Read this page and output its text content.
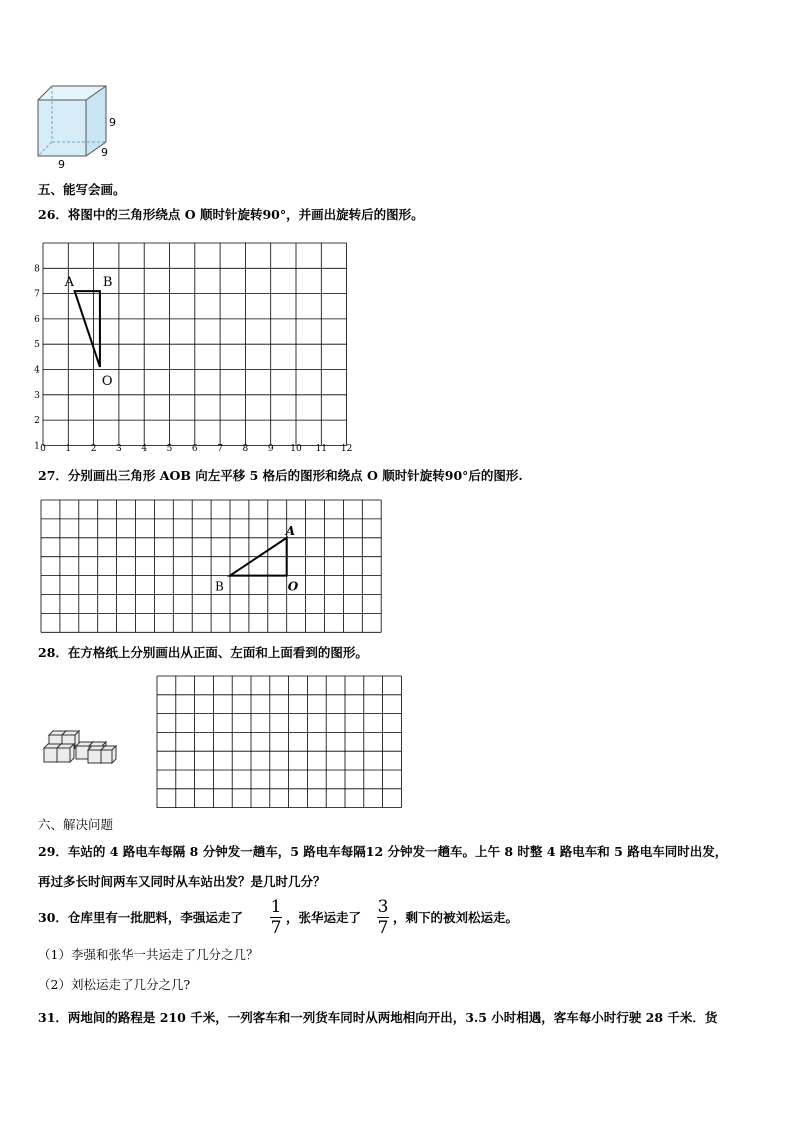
9
9
9
五、能写会画。
26．将图中的三角形绕点 O 顺时针旋转90°，并画出旋转后的图形。
0 1 2 3 4 5 6 7 8 9 10 11 12
1
2
3
4
5
6
7
8
A B
O
27．分别画出三角形 AOB 向左平移 5 格后的图形和绕点 O 顺时针旋转90°后的图形.
A
B	O
28．在方格纸上分别画出从正面、左面和上面看到的图形。
六、解决问题
29．车站的 4 路电车每隔 8 分钟发一趟车，5 路电车每隔12 分钟发一趟车。上午 8 时整 4 路电车和 5 路电车同时出发，
再过多长时间两车又同时从车站出发？是几时几分？
30．仓库里有一批肥料，李强运走了
1
7
，张华运走了
3
7
，剩下的被刘松运走。
（1）李强和张华一共运走了几分之几？
（2）刘松运走了几分之几?
31．两地间的路程是 210 千米，一列客车和一列货车同时从两地相向开出，3.5 小时相遇，客车每小时行驶 28 千米．货
